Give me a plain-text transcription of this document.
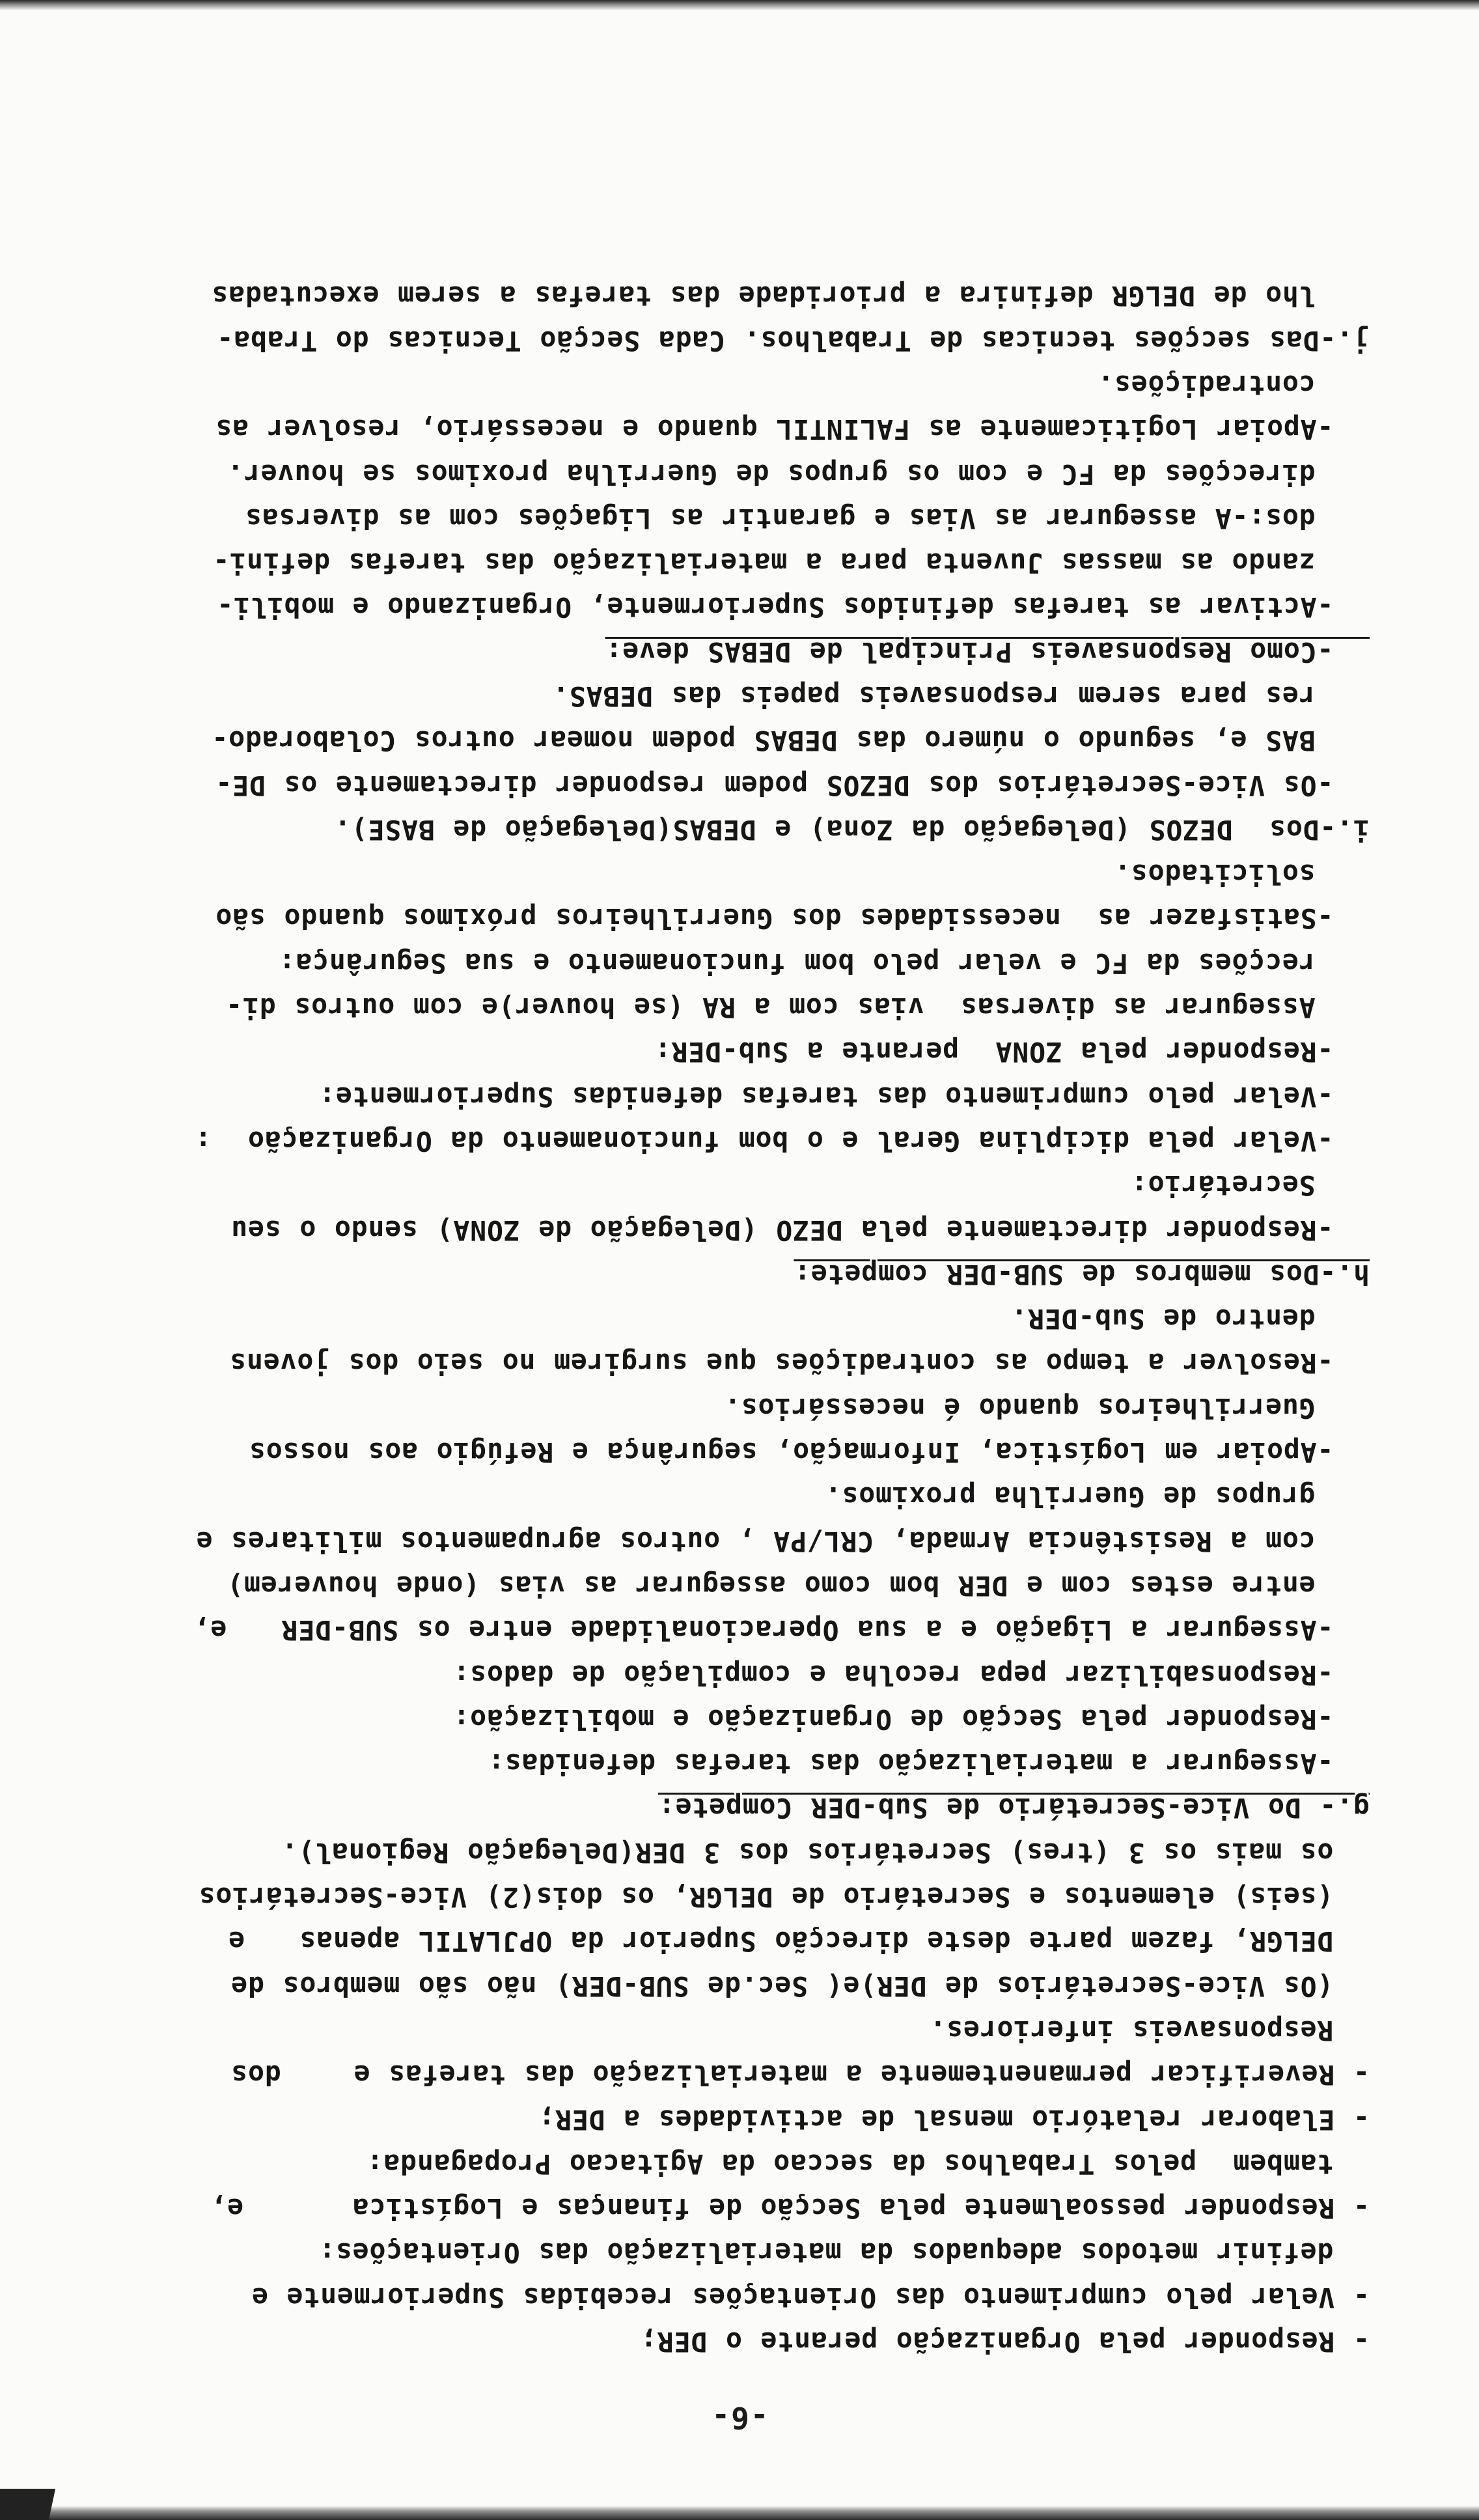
-6-
- Responder pela Organização perante o DER;
- Velar pelo cumprimento das Orientações recebidas Superiormente e
definir metodos adequados da materialização das Orientações:
- Responder pessoalmente pela Secção de finanças e Logística      e,
tambem  pelos Trabalhos da seccao da Agitacao Propaganda:
- Elaborar relatório mensal de actividades a DER;
- Reverificar permanentemente a materialização das tarefas e    dos
Responsaveis inferiores.
(Os Vice-Secretários de DER)e( Sec.de SUB-DER) não são membros de
DELGR, fazem parte deste direcção Superior da OPJLATIL apenas   e
(seis) elementos e Secretário de DELGR, os dois(2) Vice-Secretários
os mais os 3 (tres) Secretários dos 3 DER(Delegação Regional).
g.- Do Vice-Secretário de Sub-DER Compete:
-Assegurar a materialização das tarefas defenidas:
-Responder pela Secção de Organização e mobilização:
-Responsabilizar pepa recolha e compilação de dados:
-Assegurar a Ligação e a sua Operacionalidade entre os SUB-DER   e,
entre estes com e DER bom como assegurar as vias (onde houverem)
com a Resistência Armada, CRL/PA , outros agrupamentos militares e
grupos de Guerrilha proximos.
-Apoiar em Logística, Informação, segurânça e Refúgio aos nossos
Guerrilheiros quando é necessários.
-Resolver a tempo as contradições que surgirem no seio dos jovens
dentro de Sub-DER.
h.-Dos membros de SUB-DER compete:
-Responder directamente pela DEZO (Delegação de ZONA) sendo o seu
Secretário:
-Velar pela diciplina Geral e o bom funcionamento da Organização  :
-Velar pelo cumprimento das tarefas defenidas Superiormente:
-Responder pela ZONA  perante a Sub-DER:
Assegurar as diversas  vias com a RA (se houver)e com outros di-
recções da FC e velar pelo bom funcionamento e sua Segurânça:
-Satisfazer as  necessidades dos Guerrilheiros próximos quando são
solicitados.
i.-Dos  DEZOS (Delegação da Zona) e DEBAS(Delegação de BASE).
-Os Vice-Secretários dos DEZOS podem responder directamente os DE-
BAS e, segundo o número das DEBAS podem nomear outros Colaborado-
res para serem responsaveis papeis das DEBAS.
-Como Responsaveis Principal de DEBAS deve:
-Activar as tarefas definidos Superiormente, Organizando e mobili-
zando as massas Juventa para a materialização das tarefas defini-
dos:-A assegurar as Vias e garantir as Ligações com as diversas
direcções da FC e com os grupos de Guerrilha proximos se houver.
-Apoiar Logiticamente as FALINTIL quando e necessário, resolver as
contradições.
j.-Das secções tecnicas de Trabalhos. Cada Secção Tecnicas do Traba-
lho de DELGR definira a prioridade das tarefas a serem executadas
